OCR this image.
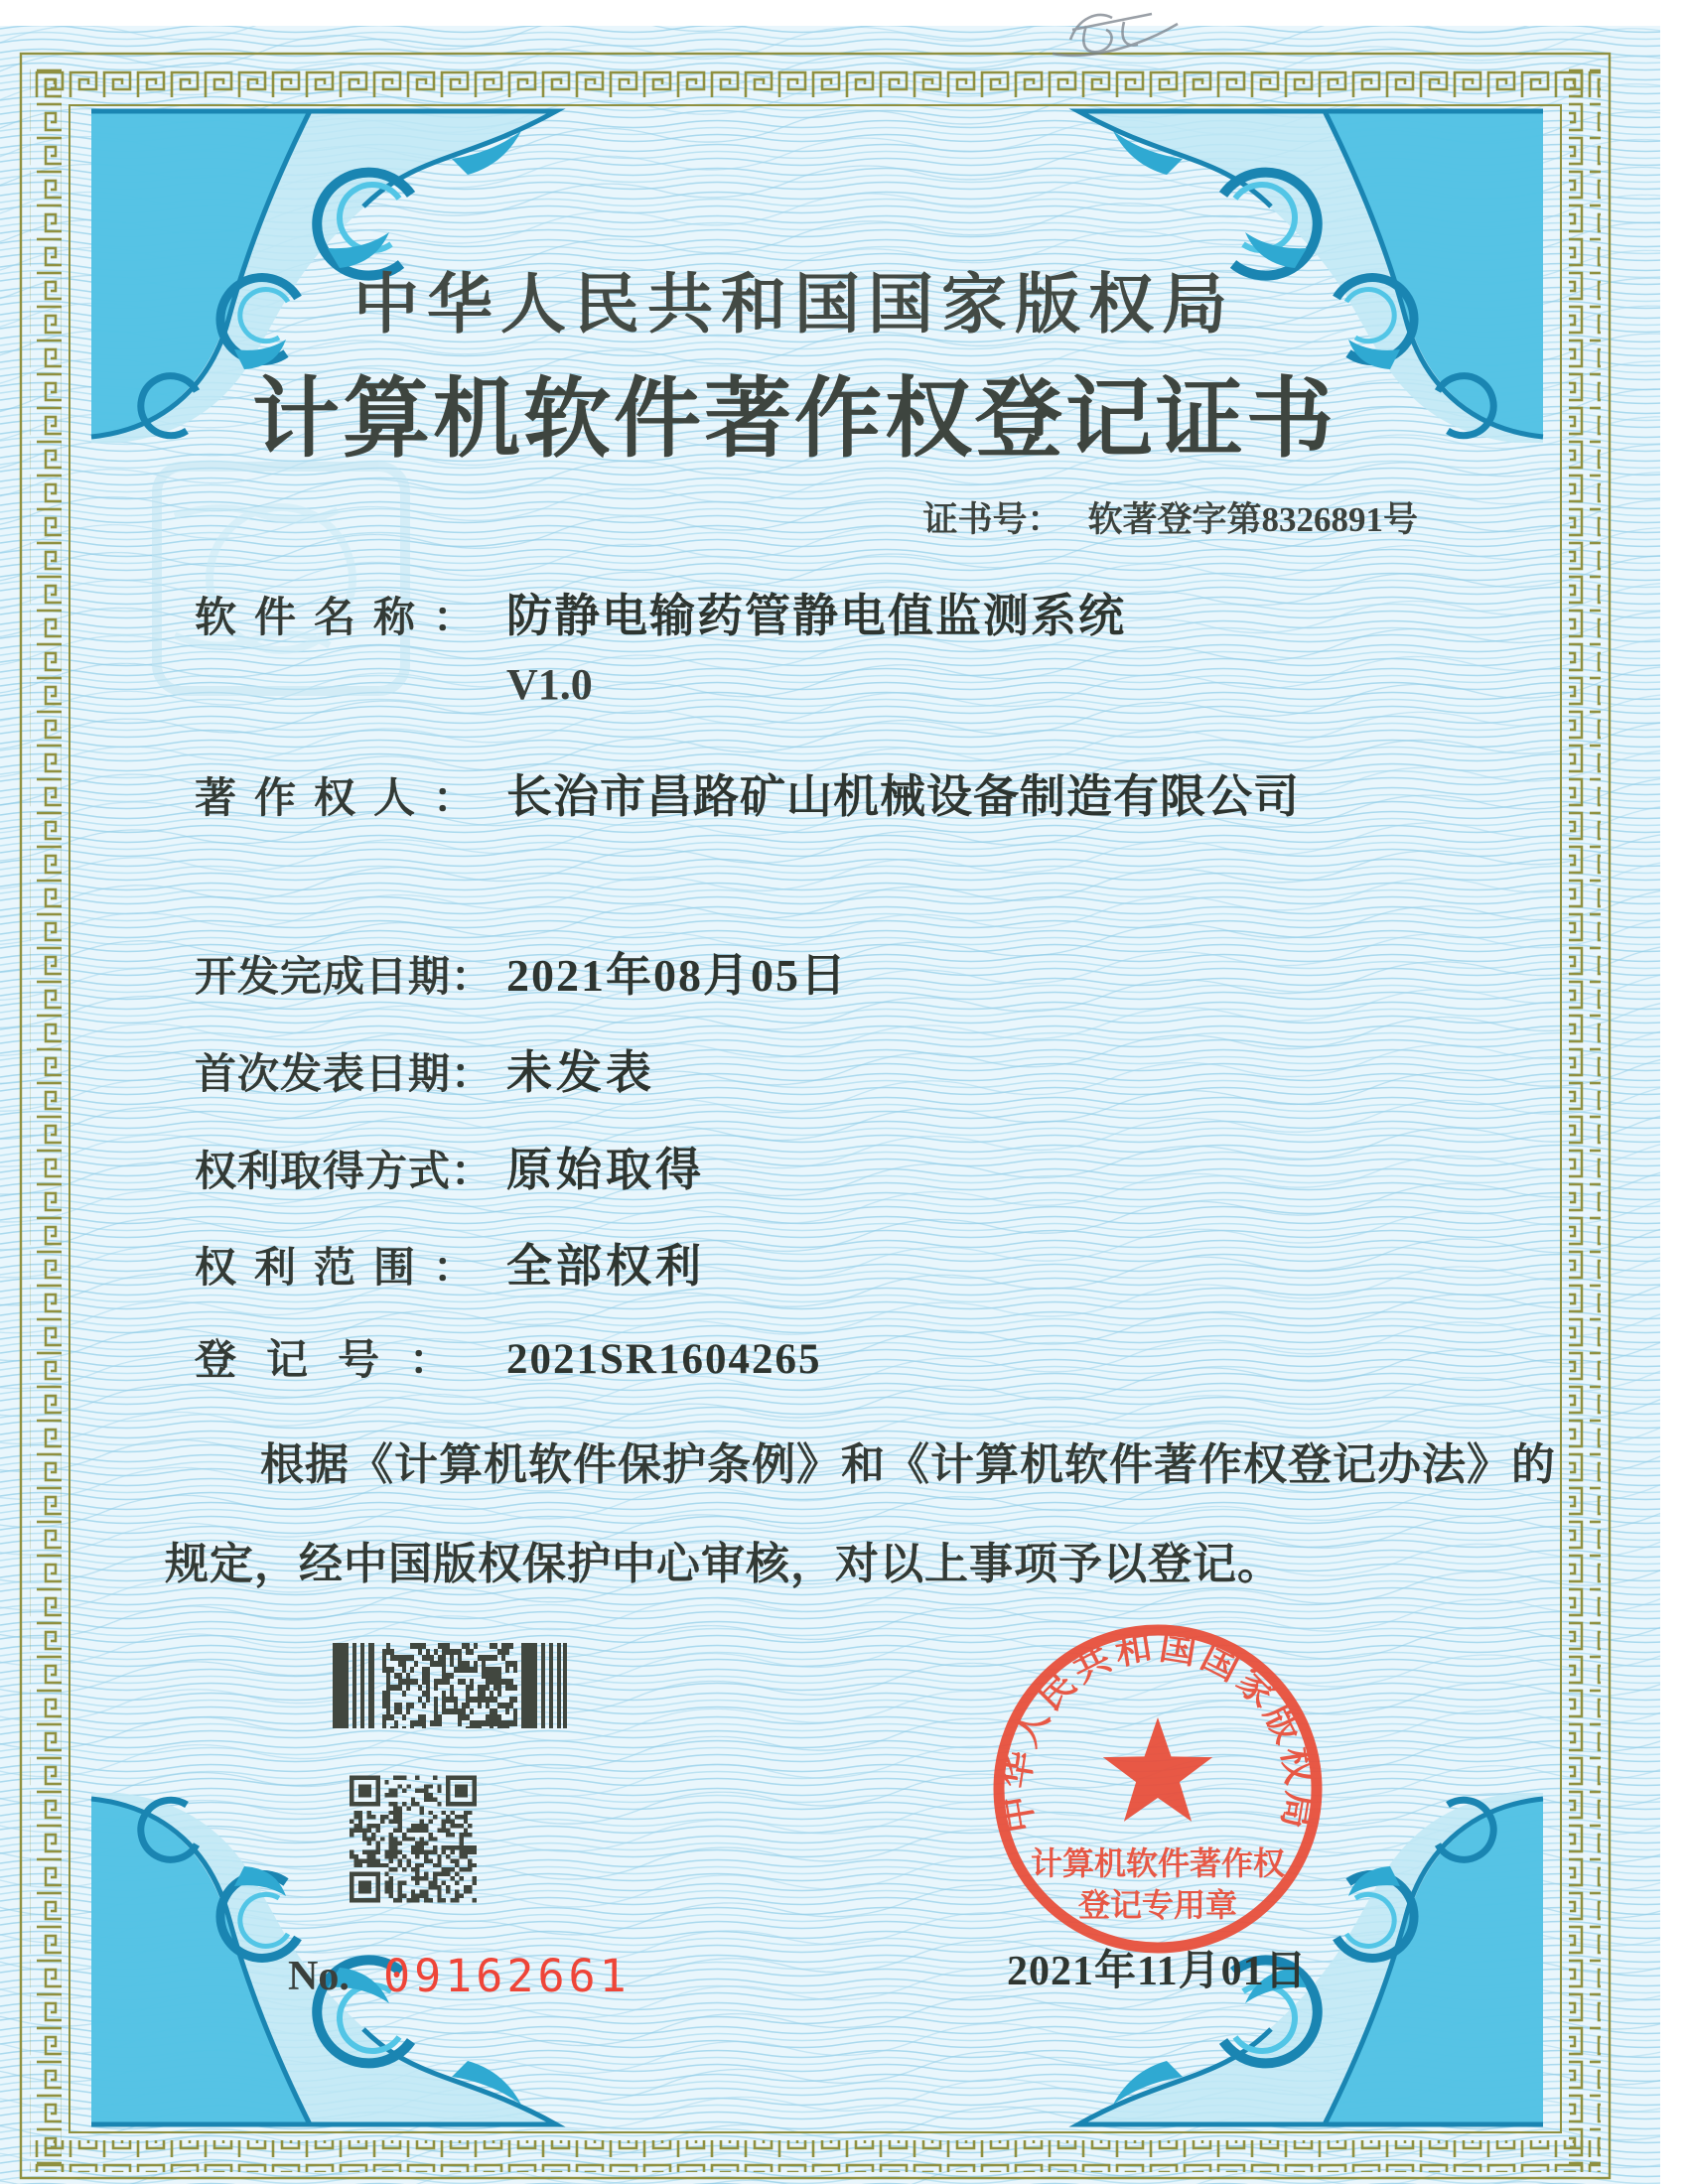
中华人民共和国国家版权局
计算机软件著作权登记证书
证书号： 软著登字第8326891号
软件名称： 防静电输药管静电值监测系统
V1.0
著作权人： 长治市昌路矿山机械设备制造有限公司
开发完成日期： 2021年08月05日
首次发表日期： 未发表
权利取得方式： 原始取得
权利范围： 全部权利
登记号： 2021SR1604265
根据《计算机软件保护条例》和《计算机软件著作权登记办法》的
规定，经中国版权保护中心审核，对以上事项予以登记。
No. 09162661
中华人民共和国国家版权局
计算机软件著作权
登记专用章
2021年11月01日
